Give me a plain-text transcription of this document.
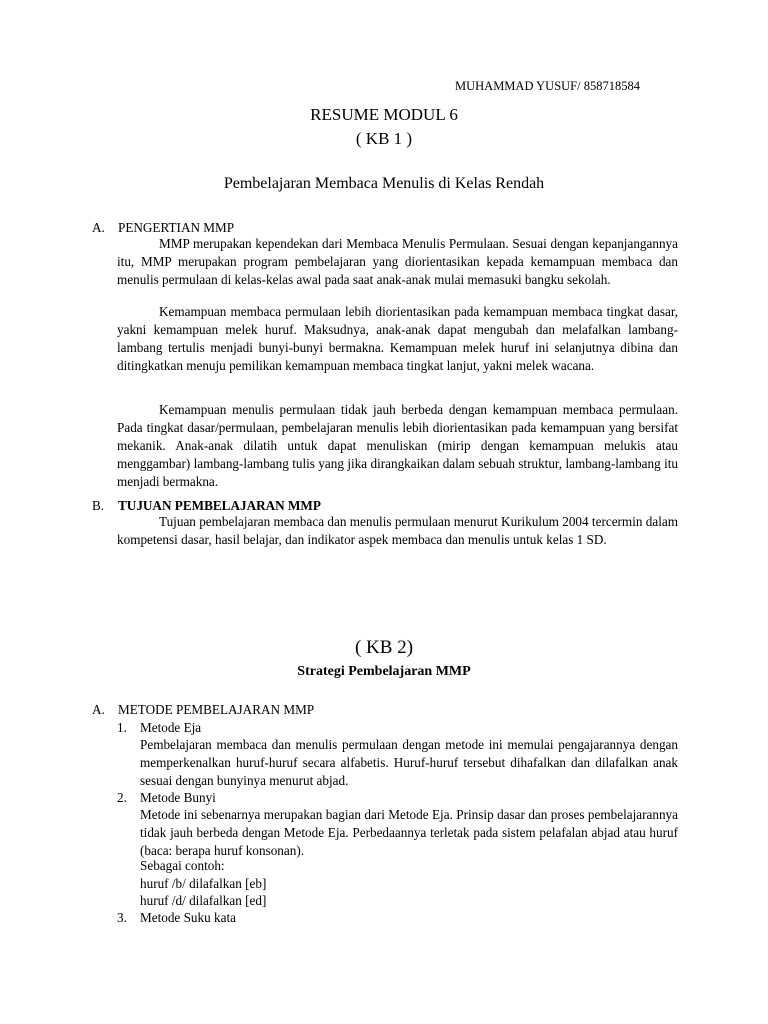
MUHAMMAD YUSUF/ 858718584
RESUME MODUL 6
( KB 1 )
Pembelajaran Membaca Menulis di Kelas Rendah
A. PENGERTIAN MMP
MMP merupakan kependekan dari Membaca Menulis Permulaan. Sesuai dengan kepanjangannya itu, MMP merupakan program pembelajaran yang diorientasikan kepada kemampuan membaca dan menulis permulaan di kelas-kelas awal pada saat anak-anak mulai memasuki bangku sekolah.
Kemampuan membaca permulaan lebih diorientasikan pada kemampuan membaca tingkat dasar, yakni kemampuan melek huruf. Maksudnya, anak-anak dapat mengubah dan melafalkan lambang-lambang tertulis menjadi bunyi-bunyi bermakna. Kemampuan melek huruf ini selanjutnya dibina dan ditingkatkan menuju pemilikan kemampuan membaca tingkat lanjut, yakni melek wacana.
Kemampuan menulis permulaan tidak jauh berbeda dengan kemampuan membaca permulaan. Pada tingkat dasar/permulaan, pembelajaran menulis lebih diorientasikan pada kemampuan yang bersifat mekanik. Anak-anak dilatih untuk dapat menuliskan (mirip dengan kemampuan melukis atau menggambar) lambang-lambang tulis yang jika dirangkaikan dalam sebuah struktur, lambang-lambang itu menjadi bermakna.
B. TUJUAN PEMBELAJARAN MMP
Tujuan pembelajaran membaca dan menulis permulaan menurut Kurikulum 2004 tercermin dalam kompetensi dasar, hasil belajar, dan indikator aspek membaca dan menulis untuk kelas 1 SD.
( KB 2)
Strategi Pembelajaran MMP
A. METODE PEMBELAJARAN MMP
1. Metode Eja
Pembelajaran membaca dan menulis permulaan dengan metode ini memulai pengajarannya dengan memperkenalkan huruf-huruf secara alfabetis. Huruf-huruf tersebut dihafalkan dan dilafalkan anak sesuai dengan bunyinya menurut abjad.
2. Metode Bunyi
Metode ini sebenarnya merupakan bagian dari Metode Eja. Prinsip dasar dan proses pembelajarannya tidak jauh berbeda dengan Metode Eja. Perbedaannya terletak pada sistem pelafalan abjad atau huruf (baca: berapa huruf konsonan).
Sebagai contoh:
huruf /b/ dilafalkan [eb]
huruf /d/ dilafalkan [ed]
3. Metode Suku kata
